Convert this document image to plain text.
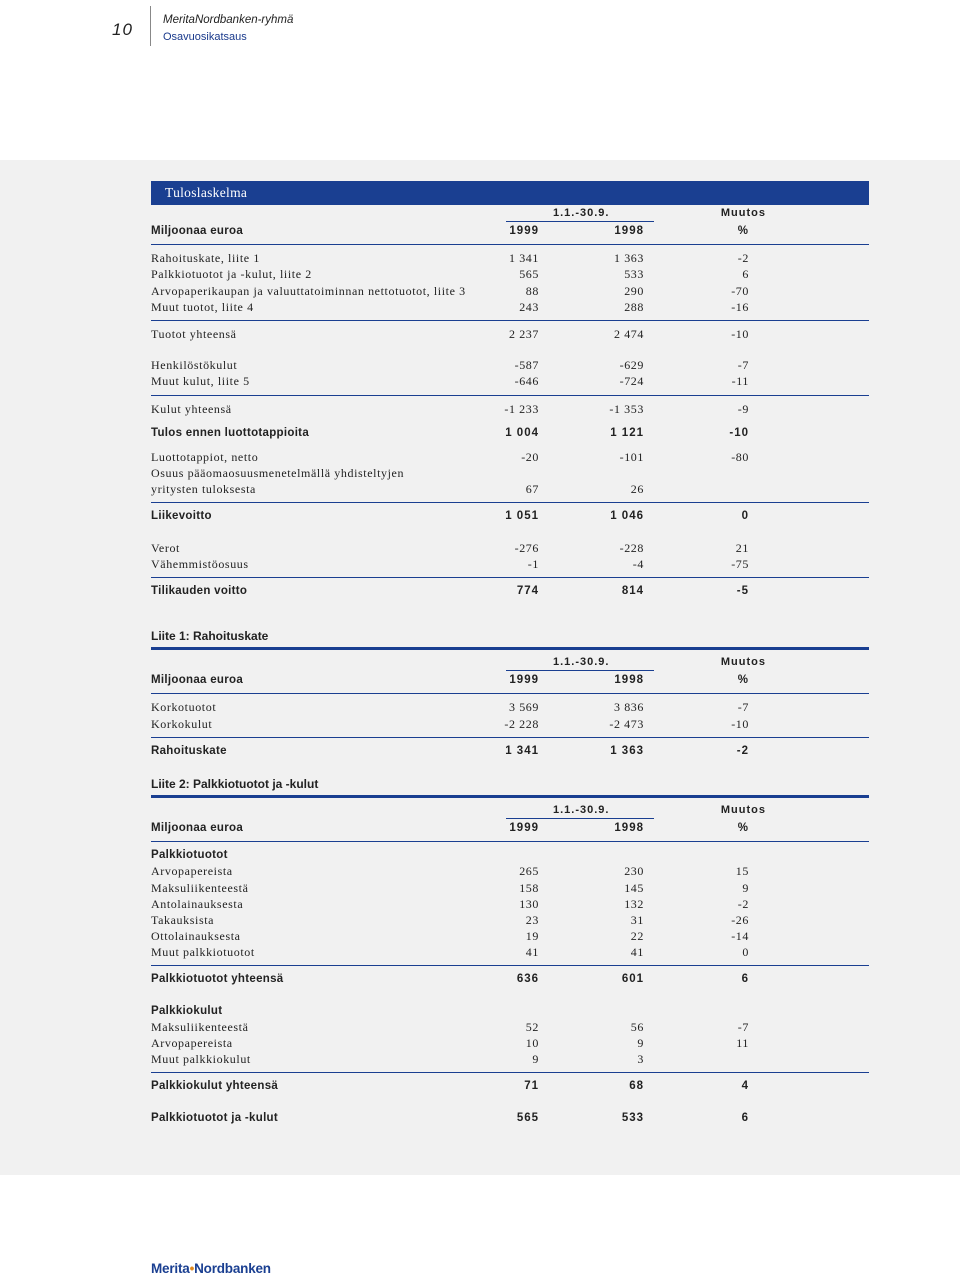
10	MeritaNordbanken-ryhmä
Osavuosikatsaus
Tuloslaskelma
1.1.-30.9.	Muutos
Miljoonaa euroa	1999	1998	%
Rahoituskate, liite 1	1 341	1 363	-2
Palkkiotuotot ja -kulut, liite 2	565	533	6
Arvopaperikaupan ja valuuttatoiminnan nettotuotot, liite 3	88	290	-70
Muut tuotot, liite 4	243	288	-16
Tuotot yhteensä	2 237	2 474	-10
Henkilöstökulut	-587	-629	-7
Muut kulut, liite 5	-646	-724	-11
Kulut yhteensä	-1 233	-1 353	-9
Tulos ennen luottotappioita	1 004	1 121	-10
Luottotappiot, netto	-20	-101	-80
Osuus pääomaosuusmenetelmällä yhdisteltyjen
yritysten tuloksesta	67	26
Liikevoitto	1 051	1 046	0
Verot	-276	-228	21
Vähemmistöosuus	-1	-4	-75
Tilikauden voitto	774	814	-5
Liite 1: Rahoituskate
1.1.-30.9.	Muutos
Miljoonaa euroa	1999	1998	%
Korkotuotot	3 569	3 836	-7
Korkokulut	-2 228	-2 473	-10
Rahoituskate	1 341	1 363	-2
Liite 2: Palkkiotuotot ja -kulut
1.1.-30.9.	Muutos
Miljoonaa euroa	1999	1998	%
Palkkiotuotot
Arvopapereista	265	230	15
Maksuliikenteestä	158	145	9
Antolainauksesta	130	132	-2
Takauksista	23	31	-26
Ottolainauksesta	19	22	-14
Muut palkkiotuotot	41	41	0
Palkkiotuotot yhteensä	636	601	6
Palkkiokulut
Maksuliikenteestä	52	56	-7
Arvopapereista	10	9	11
Muut palkkiokulut	9	3
Palkkiokulut yhteensä	71	68	4
Palkkiotuotot ja -kulut	565	533	6
Merita•Nordbanken
